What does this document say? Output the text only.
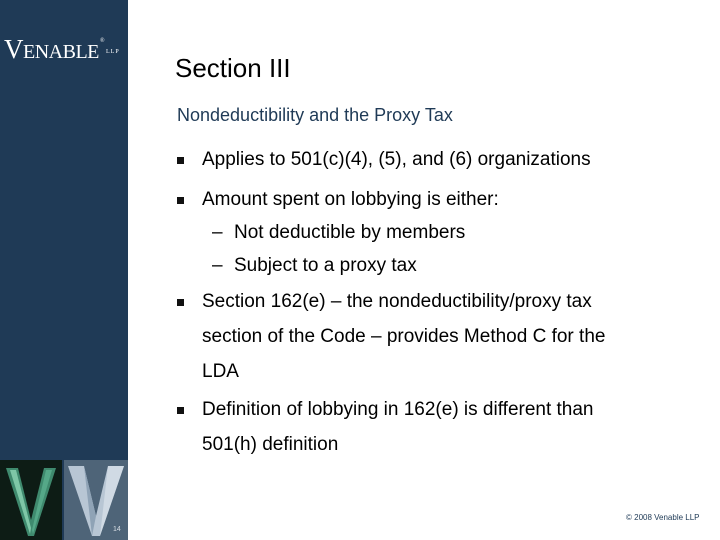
VENABLE ®
LLP
14
Section III
Nondeductibility and the Proxy Tax
Applies to 501(c)(4), (5), and (6) organizations
Amount spent on lobbying is either:
– Not deductible by members
– Subject to a proxy tax
Section 162(e) – the nondeductibility/proxy tax
section of the Code – provides Method C for the
LDA
Definition of lobbying in 162(e) is different than
501(h) definition
© 2008 Venable LLP
